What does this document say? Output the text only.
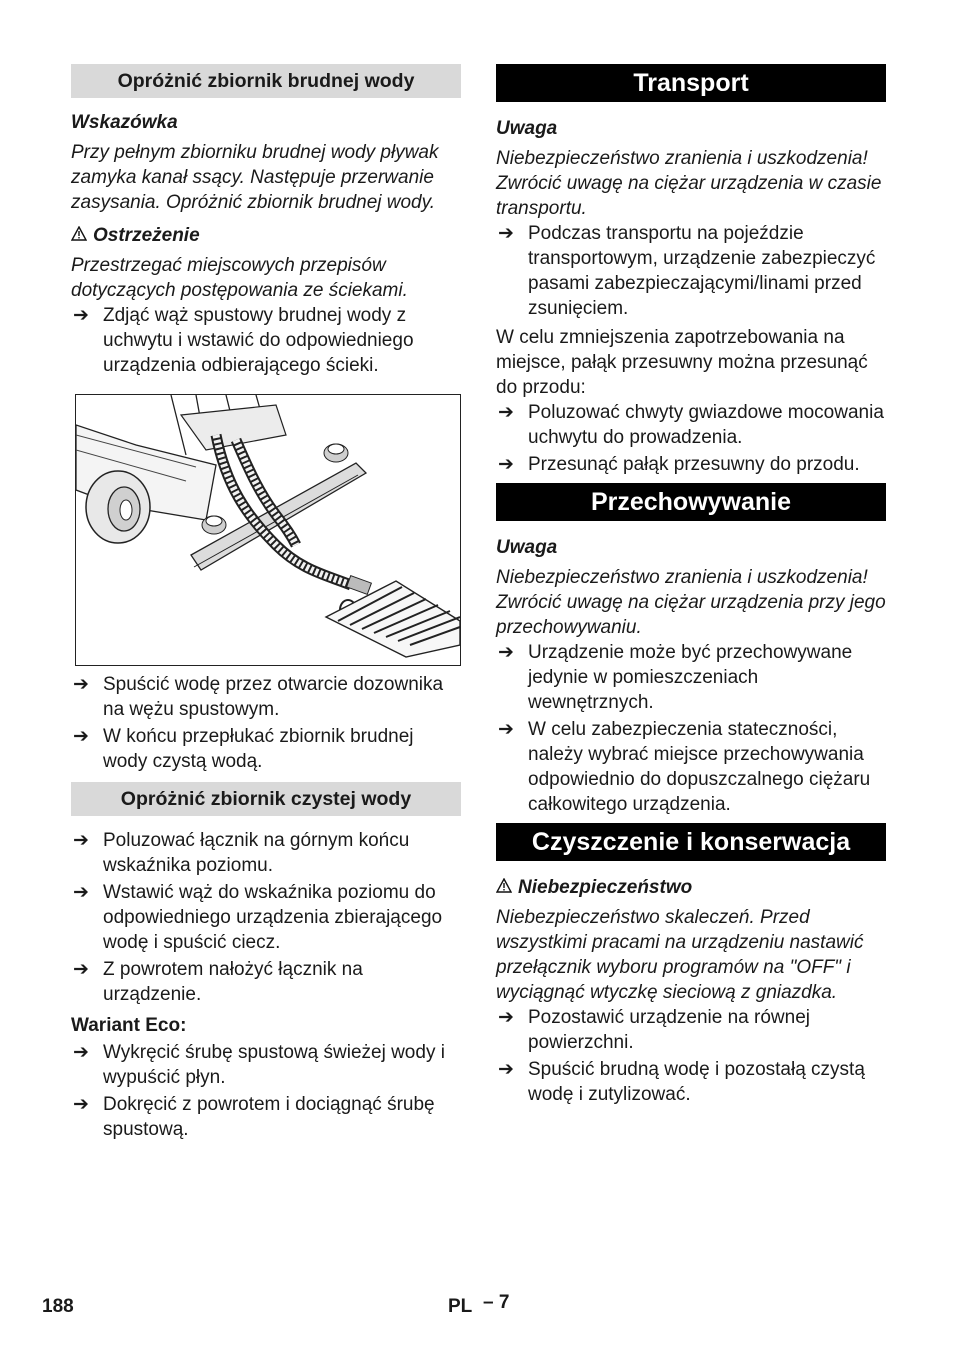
Opróżnić zbiornik brudnej wody
Wskazówka

Przy pełnym zbiorniku brudnej wody pływak zamyka kanał ssący. Następuje przerwanie zasysania. Opróżnić zbiornik brudnej wody.

Ostrzeżenie

Przestrzegać miejscowych przepisów dotyczących postępowania ze ściekami.

➔ Zdjąć wąż spustowy brudnej wody z uchwytu i wstawić do odpowiedniego urządzenia odbierającego ścieki.
➔ Spuścić wodę przez otwarcie dozownika na wężu spustowym.
➔ W końcu przepłukać zbiornik brudnej wody czystą wodą.
Opróżnić zbiornik czystej wody
➔ Poluzować łącznik na górnym końcu wskaźnika poziomu.
➔ Wstawić wąż do wskaźnika poziomu do odpowiedniego urządzenia zbierającego wodę i spuścić ciecz.
➔ Z powrotem nałożyć łącznik na urządzenie.
Wariant Eco:
➔ Wykręcić śrubę spustową świeżej wody i wypuścić płyn.
➔ Dokręcić z powrotem i dociągnąć śrubę spustową.
Transport
Uwaga

Niebezpieczeństwo zranienia i uszkodzenia! Zwrócić uwagę na ciężar urządzenia w czasie transportu.

➔ Podczas transportu na pojeździe transportowym, urządzenie zabezpieczyć pasami zabezpieczającymi/linami przed zsunięciem.

W celu zmniejszenia zapotrzebowania na miejsce, pałąk przesuwny można przesunąć do przodu:

➔ Poluzować chwyty gwiazdowe mocowania uchwytu do prowadzenia.
➔ Przesunąć pałąk przesuwny do przodu.
Przechowywanie
Uwaga

Niebezpieczeństwo zranienia i uszkodzenia! Zwrócić uwagę na ciężar urządzenia przy jego przechowywaniu.

➔ Urządzenie może być przechowywane jedynie w pomieszczeniach wewnętrznych.
➔ W celu zabezpieczenia stateczności, należy wybrać miejsce przechowywania odpowiednio do dopuszczalnego ciężaru całkowitego urządzenia.
Czyszczenie i konserwacja
Niebezpieczeństwo

Niebezpieczeństwo skaleczeń. Przed wszystkimi pracami na urządzeniu nastawić przełącznik wyboru programów na "OFF" i wyciągnąć wtyczkę sieciową z gniazdka.

➔ Pozostawić urządzenie na równej powierzchni.
➔ Spuścić brudną wodę i pozostałą czystą wodę i zutylizować.
188	PL – 7
